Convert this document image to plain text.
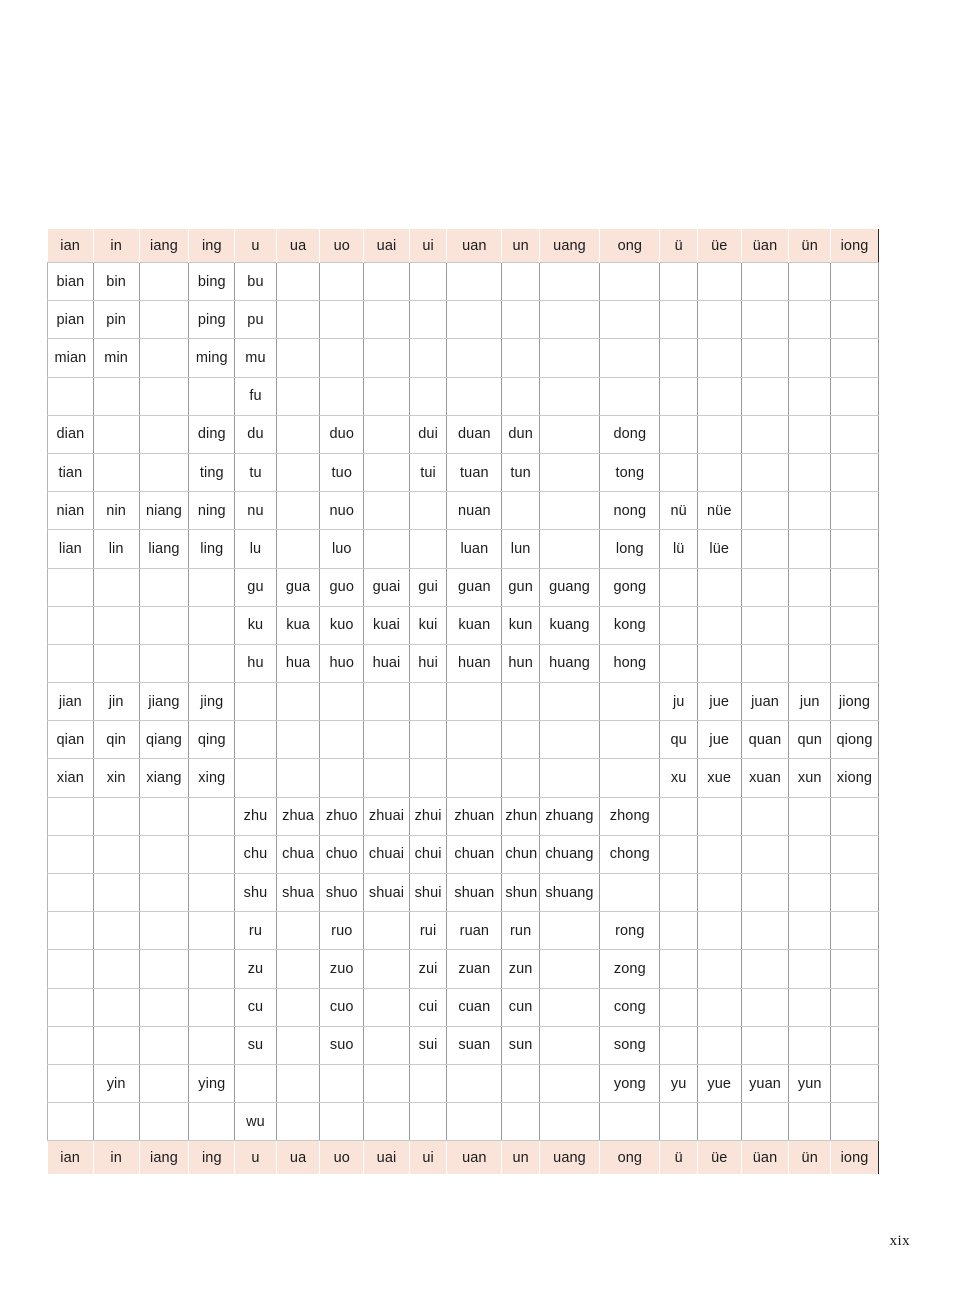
ian	in	iang	ing	u	ua	uo	uai	ui	uan	un	uang	ong	ü	üe	üan	ün	iong
bian	bin		bing	bu													
pian	pin		ping	pu													
mian	min		ming	mu													
				fu													
dian			ding	du		duo		dui	duan	dun		dong					
tian			ting	tu		tuo		tui	tuan	tun		tong					
nian	nin	niang	ning	nu		nuo			nuan			nong	nü	nüe			
lian	lin	liang	ling	lu		luo			luan	lun		long	lü	lüe			
				gu	gua	guo	guai	gui	guan	gun	guang	gong					
				ku	kua	kuo	kuai	kui	kuan	kun	kuang	kong					
				hu	hua	huo	huai	hui	huan	hun	huang	hong					
jian	jin	jiang	jing										ju	jue	juan	jun	jiong
qian	qin	qiang	qing										qu	jue	quan	qun	qiong
xian	xin	xiang	xing										xu	xue	xuan	xun	xiong
				zhu	zhua	zhuo	zhuai	zhui	zhuan	zhun	zhuang	zhong					
				chu	chua	chuo	chuai	chui	chuan	chun	chuang	chong					
				shu	shua	shuo	shuai	shui	shuan	shun	shuang						
				ru		ruo		rui	ruan	run		rong					
				zu		zuo		zui	zuan	zun		zong					
				cu		cuo		cui	cuan	cun		cong					
				su		suo		sui	suan	sun		song					
	yin		ying									yong	yu	yue	yuan	yun	
				wu													
ian	in	iang	ing	u	ua	uo	uai	ui	uan	un	uang	ong	ü	üe	üan	ün	iong
xix
